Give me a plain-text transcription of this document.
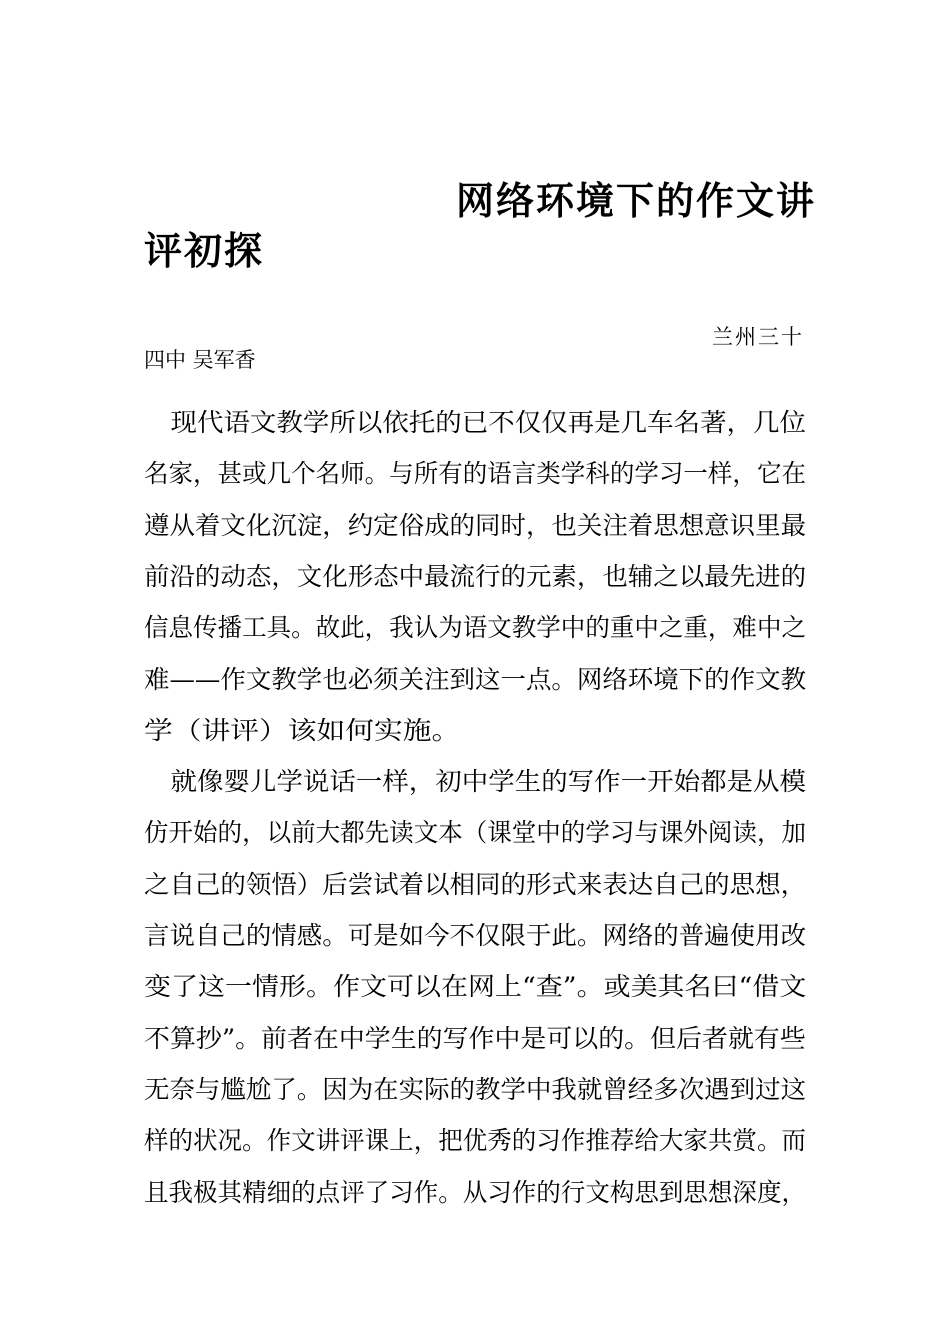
网络环境下的作文讲
评初探
兰州三十
四中 吴军香
　现代语文教学所以依托的已不仅仅再是几车名著，几位
名家，甚或几个名师。与所有的语言类学科的学习一样，它在
遵从着文化沉淀，约定俗成的同时，也关注着思想意识里最
前沿的动态，文化形态中最流行的元素，也辅之以最先进的
信息传播工具。故此，我认为语文教学中的重中之重，难中之
难——作文教学也必须关注到这一点。网络环境下的作文教
学（讲评）该如何实施。
　就像婴儿学说话一样，初中学生的写作一开始都是从模
仿开始的，以前大都先读文本（课堂中的学习与课外阅读，加
之自己的领悟）后尝试着以相同的形式来表达自己的思想，
言说自己的情感。可是如今不仅限于此。网络的普遍使用改
变了这一情形。作文可以在网上“查”。或美其名曰“借文
不算抄”。前者在中学生的写作中是可以的。但后者就有些
无奈与尴尬了。因为在实际的教学中我就曾经多次遇到过这
样的状况。作文讲评课上，把优秀的习作推荐给大家共赏。而
且我极其精细的点评了习作。从习作的行文构思到思想深度，
